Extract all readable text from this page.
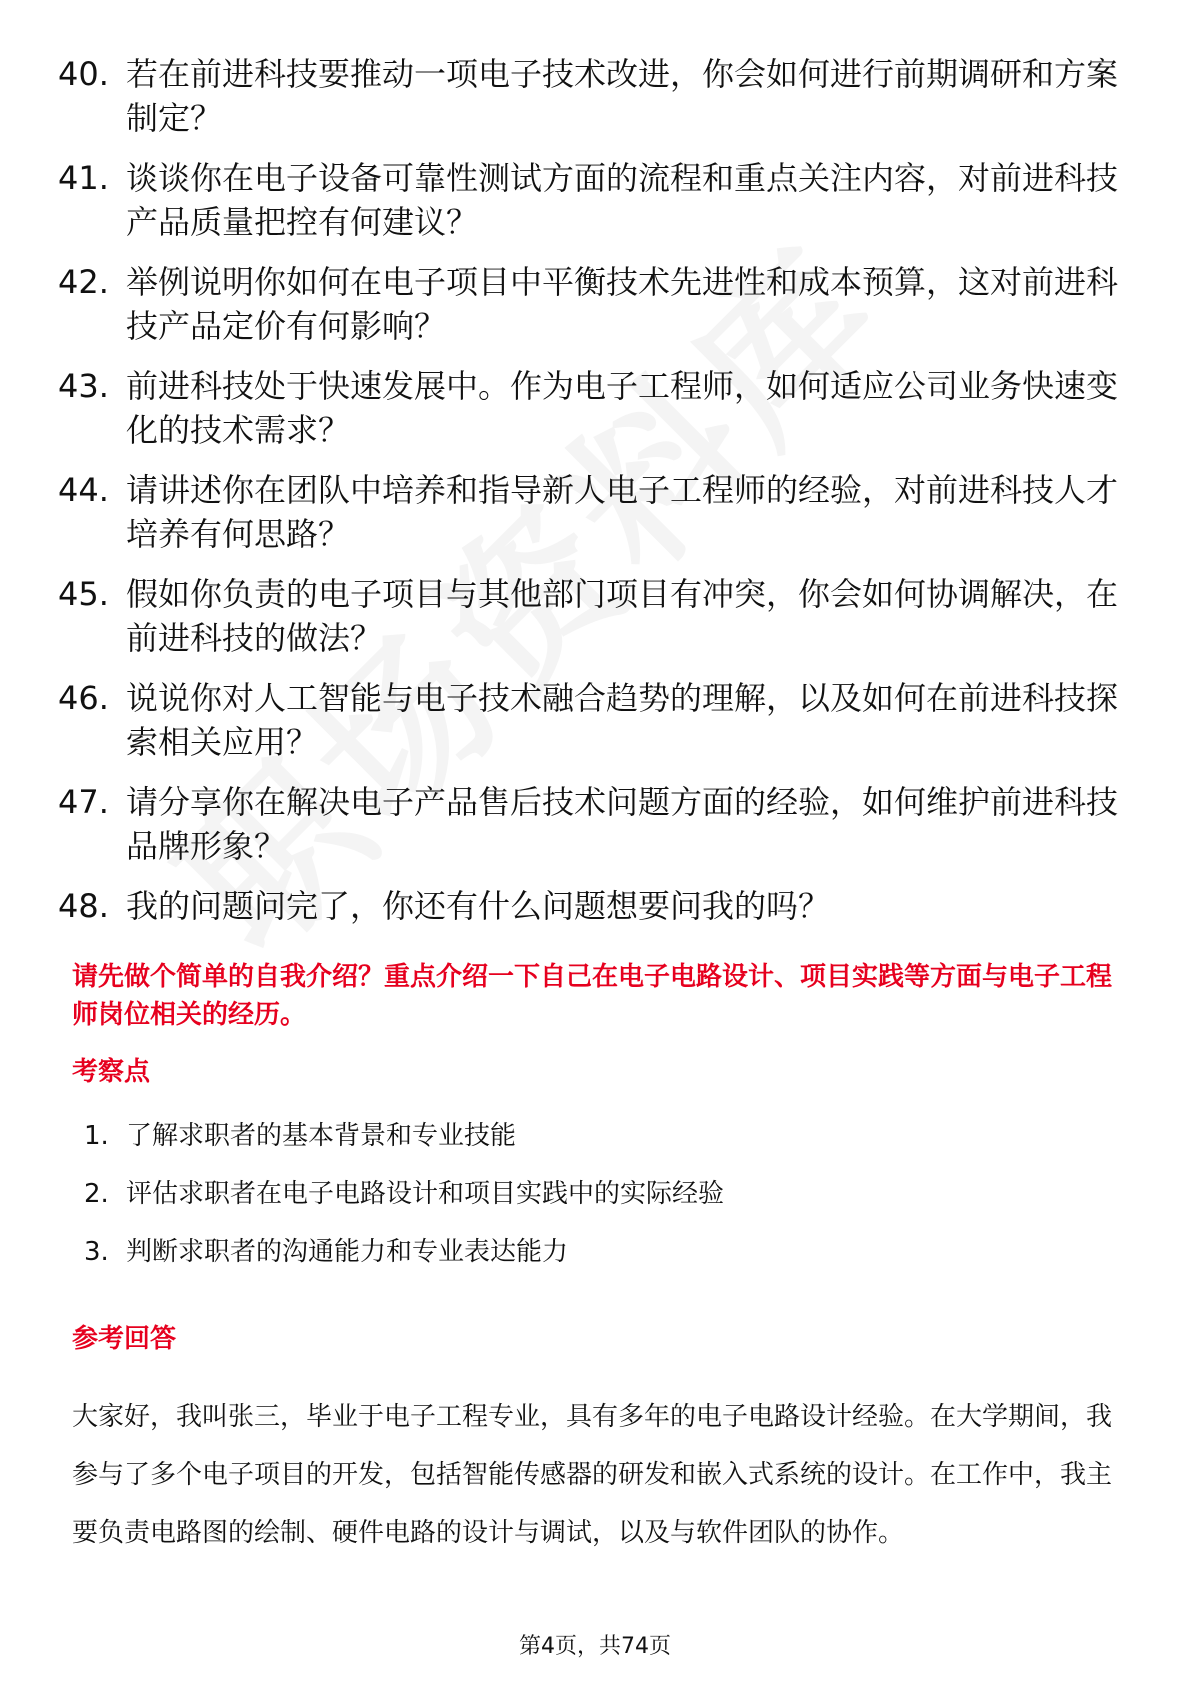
40. 若在前进科技要推动一项电子技术改进，你会如何进行前期调研和方案制定？
41. 谈谈你在电子设备可靠性测试方面的流程和重点关注内容，对前进科技产品质量把控有何建议？
42. 举例说明你如何在电子项目中平衡技术先进性和成本预算，这对前进科技产品定价有何影响？
43. 前进科技处于快速发展中。作为电子工程师，如何适应公司业务快速变化的技术需求？
44. 请讲述你在团队中培养和指导新人电子工程师的经验，对前进科技人才培养有何思路？
45. 假如你负责的电子项目与其他部门项目有冲突，你会如何协调解决，在前进科技的做法？
46. 说说你对人工智能与电子技术融合趋势的理解，以及如何在前进科技探索相关应用？
47. 请分享你在解决电子产品售后技术问题方面的经验，如何维护前进科技品牌形象？
48. 我的问题问完了，你还有什么问题想要问我的吗？

请先做个简单的自我介绍？重点介绍一下自己在电子电路设计、项目实践等方面与电子工程师岗位相关的经历。

考察点

1. 了解求职者的基本背景和专业技能
2. 评估求职者在电子电路设计和项目实践中的实际经验
3. 判断求职者的沟通能力和专业表达能力

参考回答

大家好，我叫张三，毕业于电子工程专业，具有多年的电子电路设计经验。在大学期间，我参与了多个电子项目的开发，包括智能传感器的研发和嵌入式系统的设计。在工作中，我主要负责电路图的绘制、硬件电路的设计与调试，以及与软件团队的协作。

第4页，共74页
